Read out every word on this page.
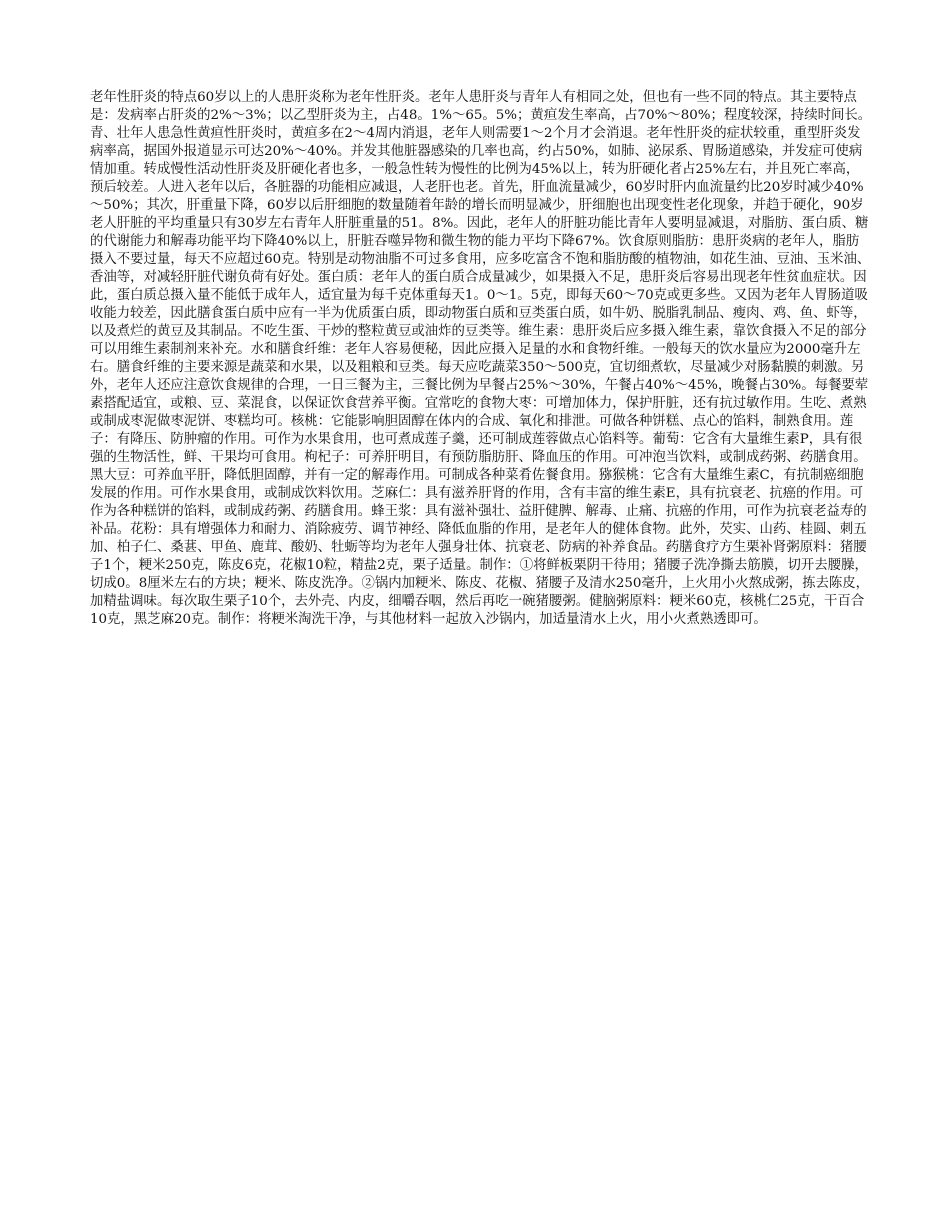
老年性肝炎的特点60岁以上的人患肝炎称为老年性肝炎。老年人患肝炎与青年人有相同之处，但也有一些不同的特点。其主要特点是：发病率占肝炎的2%～3%；以乙型肝炎为主，占48。1%～65。5%；黄疸发生率高，占70%～80%；程度较深，持续时间长。青、壮年人患急性黄疸性肝炎时，黄疸多在2～4周内消退，老年人则需要1～2个月才会消退。老年性肝炎的症状较重，重型肝炎发病率高，据国外报道显示可达20%～40%。并发其他脏器感染的几率也高，约占50%，如肺、泌尿系、胃肠道感染，并发症可使病情加重。转成慢性活动性肝炎及肝硬化者也多，一般急性转为慢性的比例为45%以上，转为肝硬化者占25%左右，并且死亡率高，预后较差。人进入老年以后，各脏器的功能相应减退，人老肝也老。首先，肝血流量减少，60岁时肝内血流量约比20岁时减少40%～50%；其次，肝重量下降，60岁以后肝细胞的数量随着年龄的增长而明显减少，肝细胞也出现变性老化现象，并趋于硬化，90岁老人肝脏的平均重量只有30岁左右青年人肝脏重量的51。8%。因此，老年人的肝脏功能比青年人要明显减退，对脂肪、蛋白质、糖的代谢能力和解毒功能平均下降40%以上，肝脏吞噬异物和微生物的能力平均下降67%。饮食原则脂肪：患肝炎病的老年人，脂肪摄入不要过量，每天不应超过60克。特别是动物油脂不可过多食用，应多吃富含不饱和脂肪酸的植物油，如花生油、豆油、玉米油、香油等，对减轻肝脏代谢负荷有好处。蛋白质：老年人的蛋白质合成量减少，如果摄入不足，患肝炎后容易出现老年性贫血症状。因此，蛋白质总摄入量不能低于成年人，适宜量为每千克体重每天1。0～1。5克，即每天60～70克或更多些。又因为老年人胃肠道吸收能力较差，因此膳食蛋白质中应有一半为优质蛋白质，即动物蛋白质和豆类蛋白质，如牛奶、脱脂乳制品、瘦肉、鸡、鱼、虾等，以及煮烂的黄豆及其制品。不吃生蛋、干炒的整粒黄豆或油炸的豆类等。维生素：患肝炎后应多摄入维生素，靠饮食摄入不足的部分可以用维生素制剂来补充。水和膳食纤维：老年人容易便秘，因此应摄入足量的水和食物纤维。一般每天的饮水量应为2000毫升左右。膳食纤维的主要来源是蔬菜和水果，以及粗粮和豆类。每天应吃蔬菜350～500克，宜切细煮软，尽量减少对肠黏膜的刺激。另外，老年人还应注意饮食规律的合理，一日三餐为主，三餐比例为早餐占25%～30%，午餐占40%～45%，晚餐占30%。每餐要荤素搭配适宜，或粮、豆、菜混食，以保证饮食营养平衡。宜常吃的食物大枣：可增加体力，保护肝脏，还有抗过敏作用。生吃、煮熟或制成枣泥做枣泥饼、枣糕均可。核桃：它能影响胆固醇在体内的合成、氧化和排泄。可做各种饼糕、点心的馅料，制熟食用。莲子：有降压、防肿瘤的作用。可作为水果食用，也可煮成莲子羹，还可制成莲蓉做点心馅料等。葡萄：它含有大量维生素P，具有很强的生物活性，鲜、干果均可食用。枸杞子：可养肝明目，有预防脂肪肝、降血压的作用。可冲泡当饮料，或制成药粥、药膳食用。黑大豆：可养血平肝，降低胆固醇，并有一定的解毒作用。可制成各种菜肴佐餐食用。猕猴桃：它含有大量维生素C，有抗制癌细胞发展的作用。可作水果食用，或制成饮料饮用。芝麻仁：具有滋养肝肾的作用，含有丰富的维生素E，具有抗衰老、抗癌的作用。可作为各种糕饼的馅料，或制成药粥、药膳食用。蜂王浆：具有滋补强壮、益肝健脾、解毒、止痛、抗癌的作用，可作为抗衰老益寿的补品。花粉：具有增强体力和耐力、消除疲劳、调节神经、降低血脂的作用，是老年人的健体食物。此外，芡实、山药、桂圆、刺五加、柏子仁、桑葚、甲鱼、鹿茸、酸奶、牡蛎等均为老年人强身壮体、抗衰老、防病的补养食品。药膳食疗方生栗补肾粥原料：猪腰子1个，粳米250克，陈皮6克，花椒10粒，精盐2克，栗子适量。制作：①将鲜板栗阴干待用；猪腰子洗净撕去筋膜，切开去腰臊，切成0。8厘米左右的方块；粳米、陈皮洗净。②锅内加粳米、陈皮、花椒、猪腰子及清水250毫升，上火用小火熬成粥，拣去陈皮，加精盐调味。每次取生栗子10个，去外壳、内皮，细嚼吞咽，然后再吃一碗猪腰粥。健脑粥原料：粳米60克，核桃仁25克，干百合10克，黑芝麻20克。制作：将粳米淘洗干净，与其他材料一起放入沙锅内，加适量清水上火，用小火煮熟透即可。
